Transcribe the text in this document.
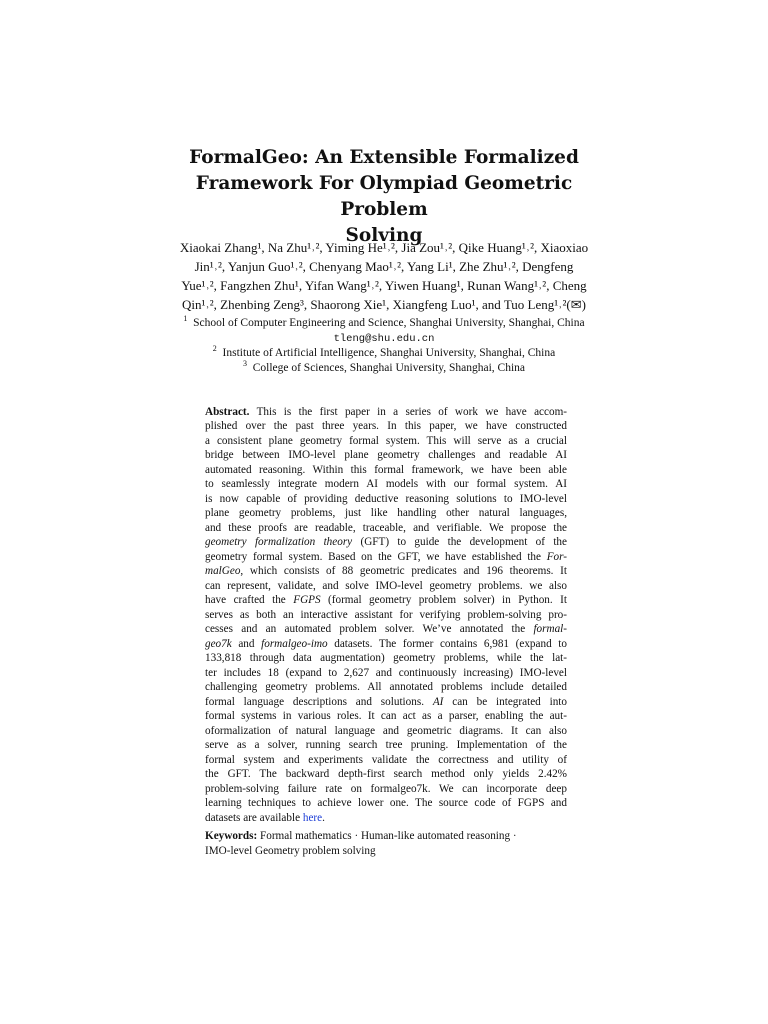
FormalGeo: An Extensible Formalized
Framework For Olympiad Geometric Problem
Solving
Xiaokai Zhang¹, Na Zhu¹˒², Yiming He¹˒², Jia Zou¹˒², Qike Huang¹˒², Xiaoxiao
Jin¹˒², Yanjun Guo¹˒², Chenyang Mao¹˒², Yang Li¹, Zhe Zhu¹˒², Dengfeng
Yue¹˒², Fangzhen Zhu¹, Yifan Wang¹˒², Yiwen Huang¹, Runan Wang¹˒², Cheng
Qin¹˒², Zhenbing Zeng³, Shaorong Xie¹, Xiangfeng Luo¹, and Tuo Leng¹˒²(✉)
$^1$ School of Computer Engineering and Science, Shanghai University, Shanghai, China
tleng@shu.edu.cn
$^2$ Institute of Artificial Intelligence, Shanghai University, Shanghai, China
$^3$ College of Sciences, Shanghai University, Shanghai, China
Abstract. This is the first paper in a series of work we have accom-
plished over the past three years. In this paper, we have constructed
a consistent plane geometry formal system. This will serve as a crucial
bridge between IMO-level plane geometry challenges and readable AI
automated reasoning. Within this formal framework, we have been able
to seamlessly integrate modern AI models with our formal system. AI
is now capable of providing deductive reasoning solutions to IMO-level
plane geometry problems, just like handling other natural languages,
and these proofs are readable, traceable, and verifiable. We propose the
geometry formalization theory (GFT) to guide the development of the
geometry formal system. Based on the GFT, we have established the For-
malGeo, which consists of 88 geometric predicates and 196 theorems. It
can represent, validate, and solve IMO-level geometry problems. we also
have crafted the FGPS (formal geometry problem solver) in Python. It
serves as both an interactive assistant for verifying problem-solving pro-
cesses and an automated problem solver. We’ve annotated the formal-
geo7k and formalgeo-imo datasets. The former contains 6,981 (expand to
133,818 through data augmentation) geometry problems, while the lat-
ter includes 18 (expand to 2,627 and continuously increasing) IMO-level
challenging geometry problems. All annotated problems include detailed
formal language descriptions and solutions. AI can be integrated into
formal systems in various roles. It can act as a parser, enabling the aut-
oformalization of natural language and geometric diagrams. It can also
serve as a solver, running search tree pruning. Implementation of the
formal system and experiments validate the correctness and utility of
the GFT. The backward depth-first search method only yields 2.42%
problem-solving failure rate on formalgeo7k. We can incorporate deep
learning techniques to achieve lower one. The source code of FGPS and
datasets are available here.
Keywords: Formal mathematics · Human-like automated reasoning ·
IMO-level Geometry problem solving
